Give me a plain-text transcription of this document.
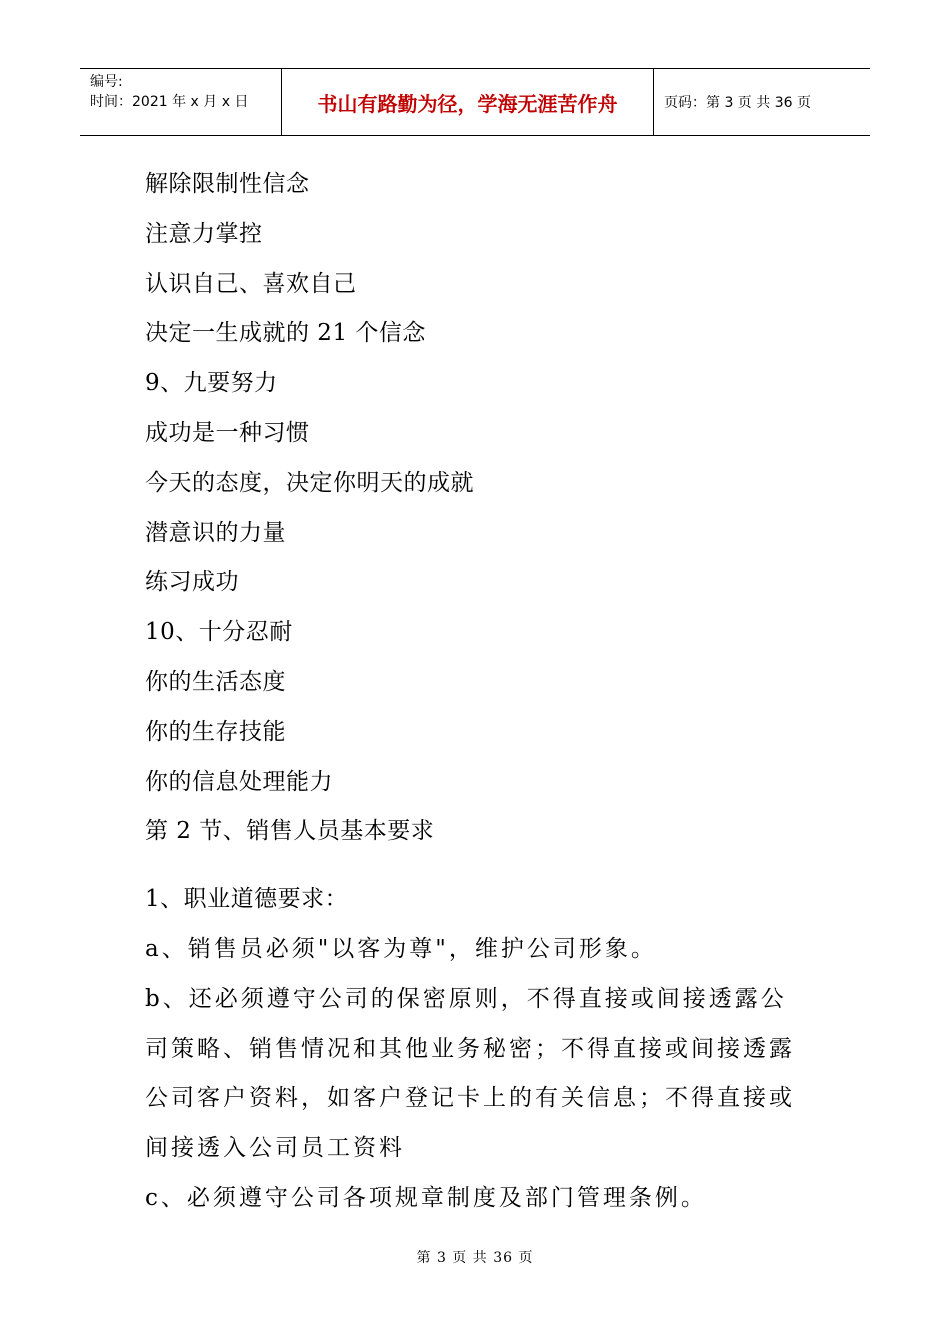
编号:
时间：2021 年 x 月 x 日	书山有路勤为径，学海无涯苦作舟	页码：第 3 页 共 36 页
解除限制性信念
注意力掌控
认识自己、喜欢自己
决定一生成就的 21 个信念
9、九要努力
成功是一种习惯
今天的态度，决定你明天的成就
潜意识的力量
练习成功
10、十分忍耐
你的生活态度
你的生存技能
你的信息处理能力
第 2 节、销售人员基本要求
1、职业道德要求：
a、销售员必须"以客为尊"，维护公司形象。
b、还必须遵守公司的保密原则，不得直接或间接透露公司策略、销售情况和其他业务秘密；不得直接或间接透露公司客户资料，如客户登记卡上的有关信息；不得直接或间接透入公司员工资料
c、必须遵守公司各项规章制度及部门管理条例。
第 3 页 共 36 页
